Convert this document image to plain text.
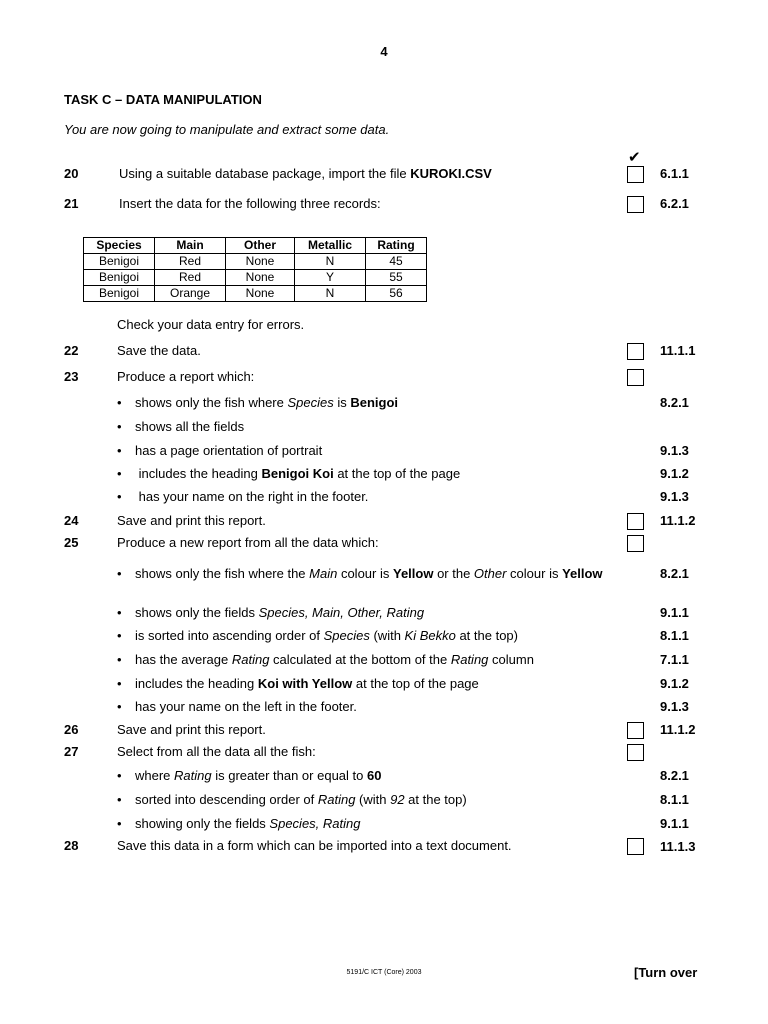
4
TASK C – DATA MANIPULATION
You are now going to manipulate and extract some data.
✔
20	Using a suitable database package, import the file KUROKI.CSV	6.1.1
21	Insert the data for the following three records:	6.2.1
Species	Main	Other	Metallic	Rating
Benigoi	Red	None	N	45
Benigoi	Red	None	Y	55
Benigoi	Orange	None	N	56
Check your data entry for errors.
22	Save the data.	11.1.1
23	Produce a report which:
• shows only the fish where Species is Benigoi	8.2.1
• shows all the fields
• has a page orientation of portrait	9.1.3
• includes the heading Benigoi Koi at the top of the page	9.1.2
• has your name on the right in the footer.	9.1.3
24	Save and print this report.	11.1.2
25	Produce a new report from all the data which:
• shows only the fish where the Main colour is Yellow or the Other colour is Yellow	8.2.1
• shows only the fields Species, Main, Other, Rating	9.1.1
• is sorted into ascending order of Species (with Ki Bekko at the top)	8.1.1
• has the average Rating calculated at the bottom of the Rating column	7.1.1
• includes the heading Koi with Yellow at the top of the page	9.1.2
• has your name on the left in the footer.	9.1.3
26	Save and print this report.	11.1.2
27	Select from all the data all the fish:
• where Rating is greater than or equal to 60	8.2.1
• sorted into descending order of Rating (with 92 at the top)	8.1.1
• showing only the fields Species, Rating	9.1.1
28	Save this data in a form which can be imported into a text document.	11.1.3
5191/C ICT (Core) 2003	[Turn over
